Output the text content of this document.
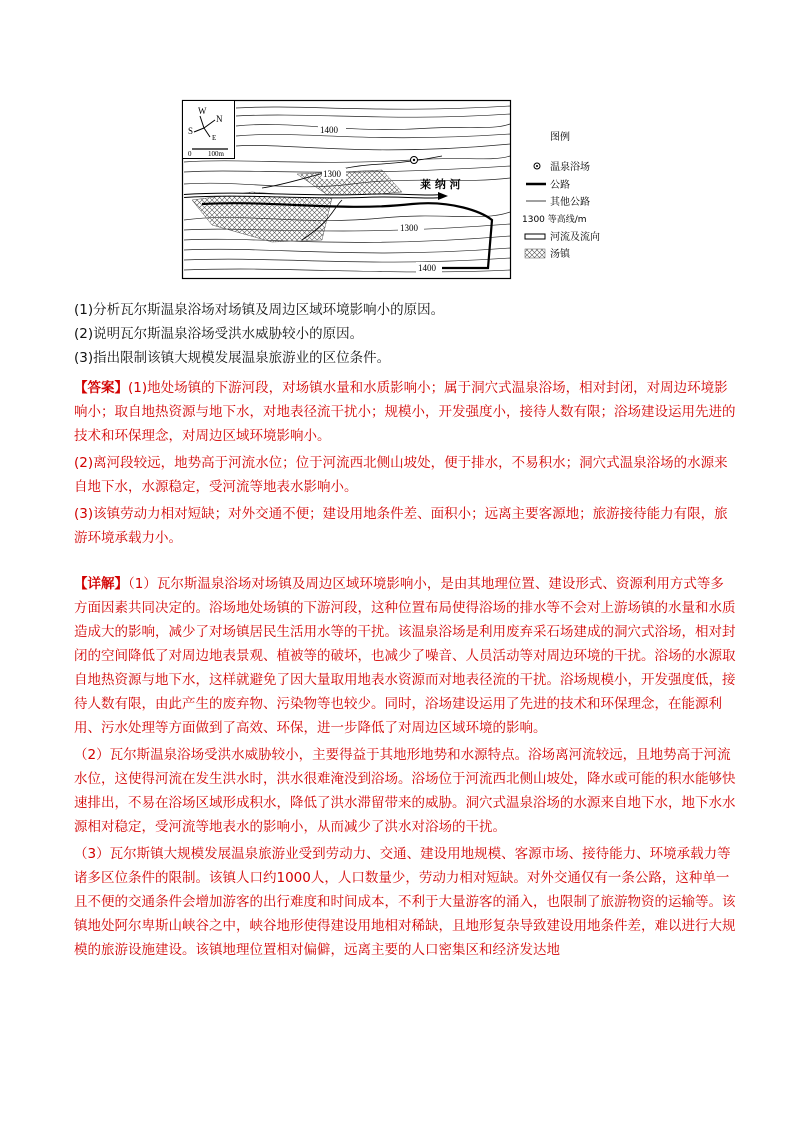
W
N
S
E
0 100m
莱 纳 河
1400
1300
1300
1400
图例
温泉浴场
公路
其他公路
1300 等高线/m
河流及流向
汤镇
(1)分析瓦尔斯温泉浴场对场镇及周边区域环境影响小的原因。
(2)说明瓦尔斯温泉浴场受洪水威胁较小的原因。
(3)指出限制该镇大规模发展温泉旅游业的区位条件。

【答案】(1)地处场镇的下游河段，对场镇水量和水质影响小；属于洞穴式温泉浴场，相对封闭，对周边环境影响小；取自地热资源与地下水，对地表径流干扰小；规模小，开发强度小，接待人数有限；浴场建设运用先进的技术和环保理念，对周边区域环境影响小。

(2)离河段较远，地势高于河流水位；位于河流西北侧山坡处，便于排水，不易积水；洞穴式温泉浴场的水源来自地下水，水源稳定，受河流等地表水影响小。

(3)该镇劳动力相对短缺；对外交通不便；建设用地条件差、面积小；远离主要客源地；旅游接待能力有限，旅游环境承载力小。

【详解】（1）瓦尔斯温泉浴场对场镇及周边区域环境影响小，是由其地理位置、建设形式、资源利用方式等多方面因素共同决定的。浴场地处场镇的下游河段，这种位置布局使得浴场的排水等不会对上游场镇的水量和水质造成大的影响，减少了对场镇居民生活用水等的干扰。该温泉浴场是利用废弃采石场建成的洞穴式浴场，相对封闭的空间降低了对周边地表景观、植被等的破坏，也减少了噪音、人员活动等对周边环境的干扰。浴场的水源取自地热资源与地下水，这样就避免了因大量取用地表水资源而对地表径流的干扰。浴场规模小，开发强度低，接待人数有限，由此产生的废弃物、污染物等也较少。同时，浴场建设运用了先进的技术和环保理念，在能源利用、污水处理等方面做到了高效、环保，进一步降低了对周边区域环境的影响。

（2）瓦尔斯温泉浴场受洪水威胁较小，主要得益于其地形地势和水源特点。浴场离河流较远，且地势高于河流水位，这使得河流在发生洪水时，洪水很难淹没到浴场。浴场位于河流西北侧山坡处，降水或可能的积水能够快速排出，不易在浴场区域形成积水，降低了洪水滞留带来的威胁。洞穴式温泉浴场的水源来自地下水，地下水水源相对稳定，受河流等地表水的影响小，从而减少了洪水对浴场的干扰。

（3）瓦尔斯镇大规模发展温泉旅游业受到劳动力、交通、建设用地规模、客源市场、接待能力、环境承载力等诸多区位条件的限制。该镇人口约1000人，人口数量少，劳动力相对短缺。对外交通仅有一条公路，这种单一且不便的交通条件会增加游客的出行难度和时间成本，不利于大量游客的涌入，也限制了旅游物资的运输等。该镇地处阿尔卑斯山峡谷之中，峡谷地形使得建设用地相对稀缺，且地形复杂导致建设用地条件差，难以进行大规模的旅游设施建设。该镇地理位置相对偏僻，远离主要的人口密集区和经济发达地
